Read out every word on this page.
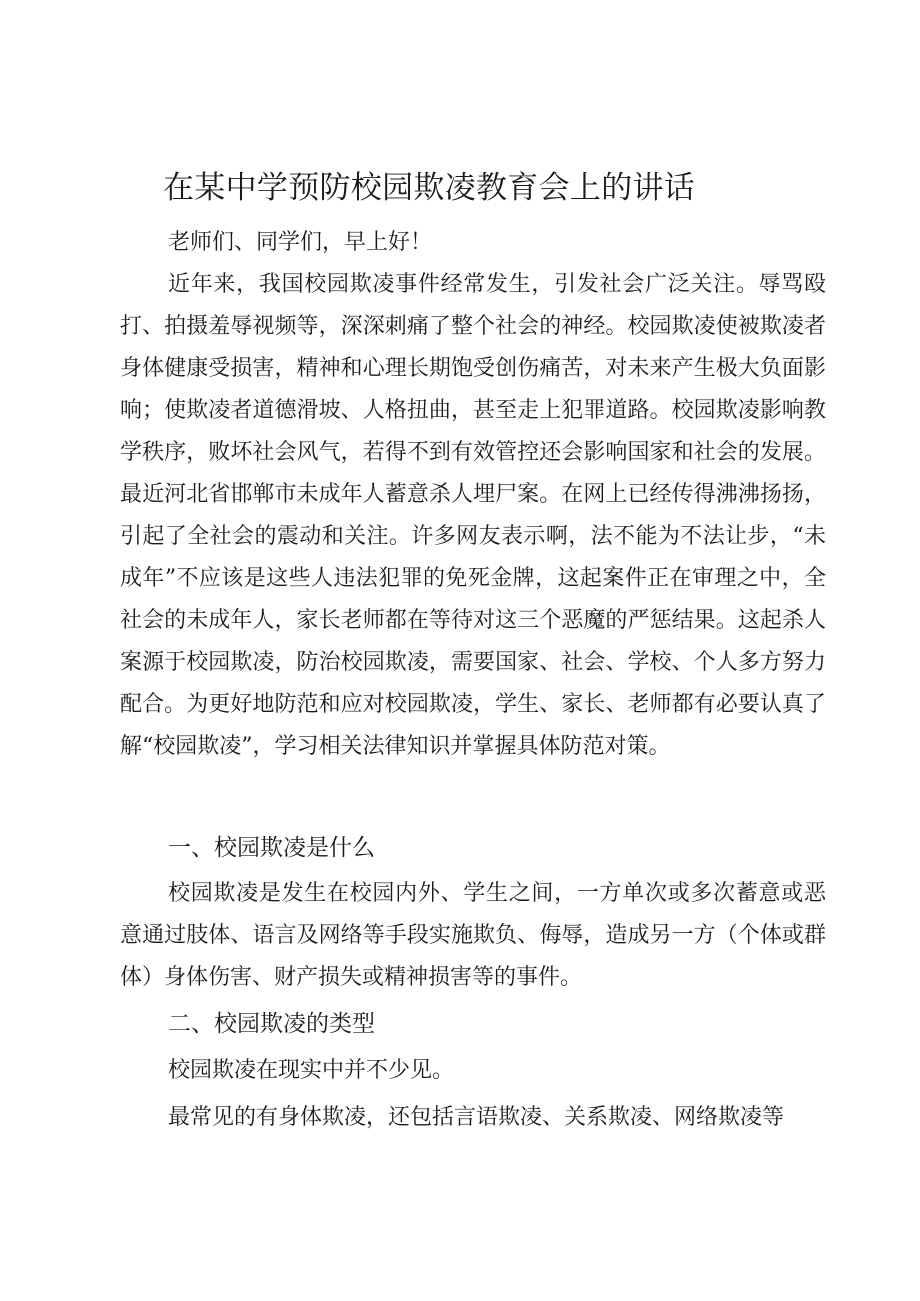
在某中学预防校园欺凌教育会上的讲话

老师们、同学们，早上好！

近年来，我国校园欺凌事件经常发生，引发社会广泛关注。辱骂殴打、拍摄羞辱视频等，深深刺痛了整个社会的神经。校园欺凌使被欺凌者身体健康受损害，精神和心理长期饱受创伤痛苦，对未来产生极大负面影响；使欺凌者道德滑坡、人格扭曲，甚至走上犯罪道路。校园欺凌影响教学秩序，败坏社会风气，若得不到有效管控还会影响国家和社会的发展。最近河北省邯郸市未成年人蓄意杀人埋尸案。在网上已经传得沸沸扬扬，引起了全社会的震动和关注。许多网友表示啊，法不能为不法让步，“未成年”不应该是这些人违法犯罪的免死金牌，这起案件正在审理之中，全社会的未成年人，家长老师都在等待对这三个恶魔的严惩结果。这起杀人案源于校园欺凌，防治校园欺凌，需要国家、社会、学校、个人多方努力配合。为更好地防范和应对校园欺凌，学生、家长、老师都有必要认真了解“校园欺凌”，学习相关法律知识并掌握具体防范对策。

一、校园欺凌是什么

校园欺凌是发生在校园内外、学生之间，一方单次或多次蓄意或恶意通过肢体、语言及网络等手段实施欺负、侮辱，造成另一方（个体或群体）身体伤害、财产损失或精神损害等的事件。

二、校园欺凌的类型

校园欺凌在现实中并不少见。

最常见的有身体欺凌，还包括言语欺凌、关系欺凌、网络欺凌等
